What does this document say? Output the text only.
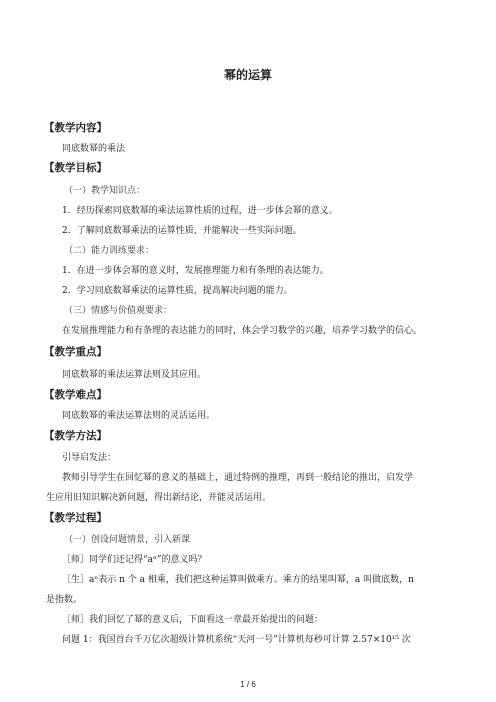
幂的运算
【教学内容】
同底数幂的乘法
【教学目标】
（一）教学知识点：
1．经历探索同底数幂的乘法运算性质的过程，进一步体会幂的意义。
2．了解同底数幂乘法的运算性质，并能解决一些实际问题。
（二）能力训练要求：
1．在进一步体会幂的意义时，发展推理能力和有条理的表达能力。
2．学习同底数幂乘法的运算性质，提高解决问题的能力。
（三）情感与价值观要求：
在发展推理能力和有条理的表达能力的同时，体会学习数学的兴趣，培养学习数学的信心。
【教学重点】
同底数幂的乘法运算法则及其应用。
【教学难点】
同底数幂的乘法运算法则的灵活运用。
【教学方法】
引导启发法：
教师引导学生在回忆幂的意义的基础上，通过特例的推理，再到一般结论的推出，启发学
生应用旧知识解决新问题，得出新结论，并能灵活运用。
【教学过程】
（一）创设问题情景，引入新课
［师］同学们还记得“aⁿ”的意义吗？
［生］aⁿ表示 n 个 a 相乘，我们把这种运算叫做乘方。乘方的结果叫幂，a 叫做底数，n
是指数。
［师］我们回忆了幂的意义后，下面看这一章最开始提出的问题：
问题 1：我国首台千万亿次超级计算机系统“天河一号”计算机每秒可计算 2.57×10¹⁵ 次
1 / 6
